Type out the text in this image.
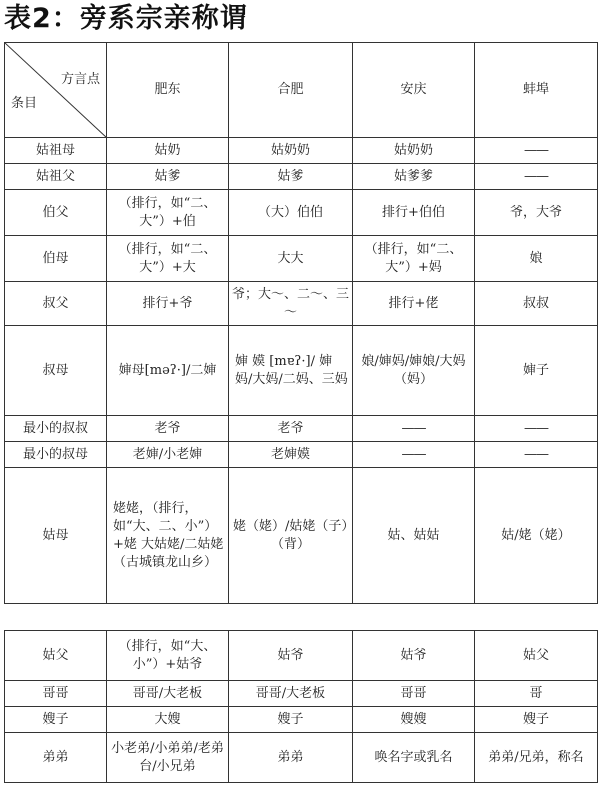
表2：旁系宗亲称谓
方言点
条目	肥东	合肥	安庆	蚌埠
姑祖母	姑奶	姑奶奶	姑奶奶	——
姑祖父	姑爹	姑爹	姑爹爹	——
伯父	（排行，如“二、大”）+伯	（大）伯伯	排行+伯伯	爷，大爷
伯母	（排行，如“二、大”）+大	大大	（排行，如“二、大”）+妈	娘
叔父	排行+爷	爷；大～、二～、三～	排行+佬	叔叔
叔母	婶母[məʔ·]/二婶	婶 嫫 [mɐʔ·]/ 婶妈/大妈/二妈、三妈	娘/婶妈/婶娘/大妈（妈）	婶子
最小的叔叔	老爷	老爷	——	——
最小的叔母	老婶/小老婶	老婶嫫	——	——
姑母	姥姥，（排行，如“大、二、小”）+姥 大姑姥/二姑姥（古城镇龙山乡）	姥（姥）/姑姥（子）（背）	姑、姑姑	姑/姥（姥）
姑父	（排行，如“大、小”）+姑爷	姑爷	姑爷	姑父
哥哥	哥哥/大老板	哥哥/大老板	哥哥	哥
嫂子	大嫂	嫂子	嫂嫂	嫂子
弟弟	小老弟/小弟弟/老弟台/小兄弟	弟弟	唤名字或乳名	弟弟/兄弟，称名
